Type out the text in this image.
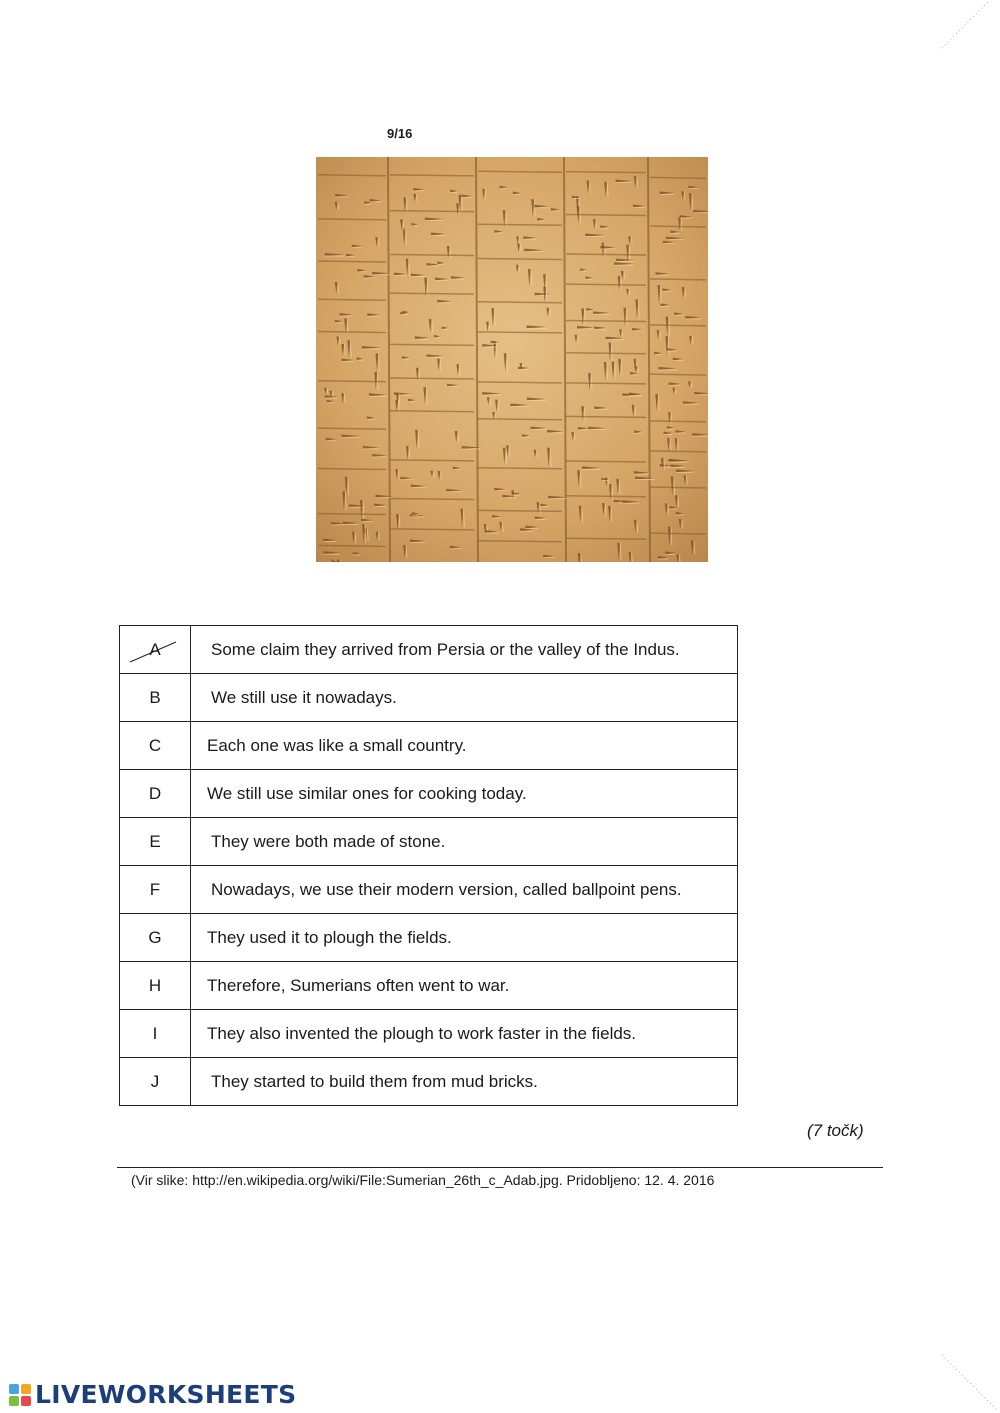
9/16
A	Some claim they arrived from Persia or the valley of the Indus.
B	We still use it nowadays.
C	Each one was like a small country.
D	We still use similar ones for cooking today.
E	They were both made of stone.
F	Nowadays, we use their modern version, called ballpoint pens.
G	They used it to plough the fields.
H	Therefore, Sumerians often went to war.
I	They also invented the plough to work faster in the fields.
J	They started to build them from mud bricks.
(7 točk)
(Vir slike: http://en.wikipedia.org/wiki/File:Sumerian_26th_c_Adab.jpg. Pridobljeno: 12. 4. 2016
LIVEWORKSHEETS
